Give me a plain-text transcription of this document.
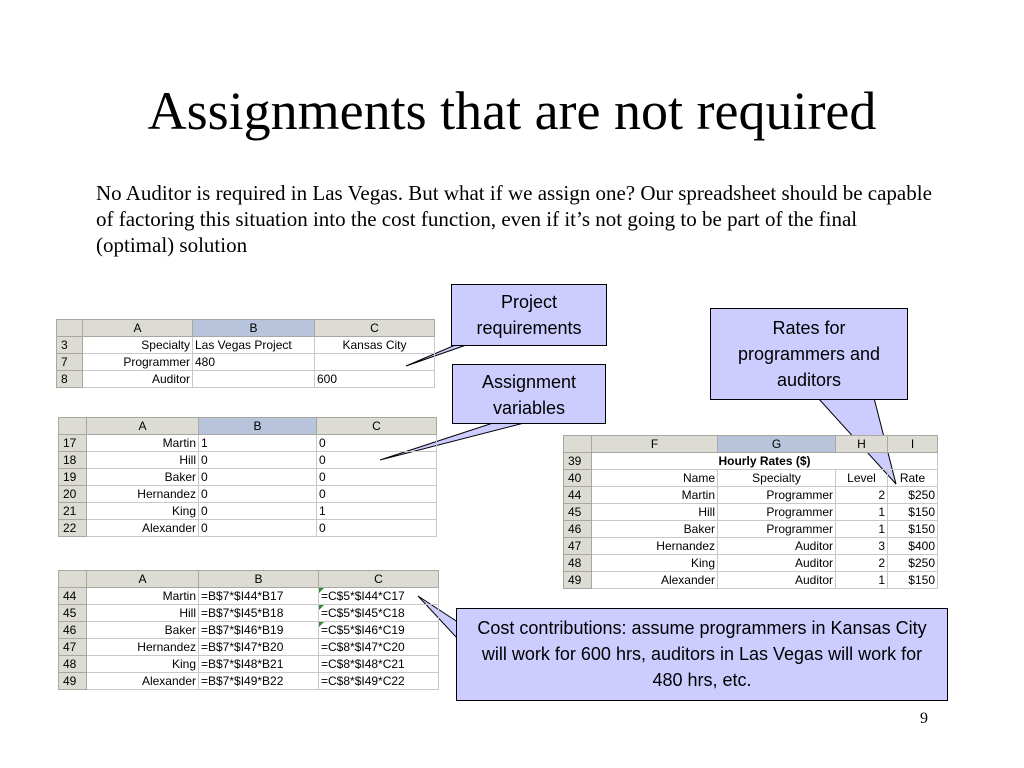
Assignments that are not required
No Auditor is required in Las Vegas. But what if we assign one? Our spreadsheet should be capable of factoring this situation into the cost function, even if it’s not going to be part of the final (optimal) solution
	A	B	C
3	Specialty	Las Vegas Project	Kansas City
7	Programmer	480	
8	Auditor		600
	A	B	C
17	Martin	1	0
18	Hill	0	0
19	Baker	0	0
20	Hernandez	0	0
21	King	0	1
22	Alexander	0	0
	A	B	C
44	Martin	=B$7*$I44*B17	=C$5*$I44*C17
45	Hill	=B$7*$I45*B18	=C$5*$I45*C18
46	Baker	=B$7*$I46*B19	=C$5*$I46*C19
47	Hernandez	=B$7*$I47*B20	=C$8*$I47*C20
48	King	=B$7*$I48*B21	=C$8*$I48*C21
49	Alexander	=B$7*$I49*B22	=C$8*$I49*C22
	F	G	H	I
39	Hourly Rates ($)			
40	Name	Specialty	Level	Rate
44	Martin	Programmer	2	$250
45	Hill	Programmer	1	$150
46	Baker	Programmer	1	$150
47	Hernandez	Auditor	3	$400
48	King	Auditor	2	$250
49	Alexander	Auditor	1	$150
Project requirements
Assignment variables
Rates for programmers and auditors
Cost contributions: assume programmers in Kansas City will work for 600 hrs, auditors in Las Vegas will work for 480 hrs, etc.
9
